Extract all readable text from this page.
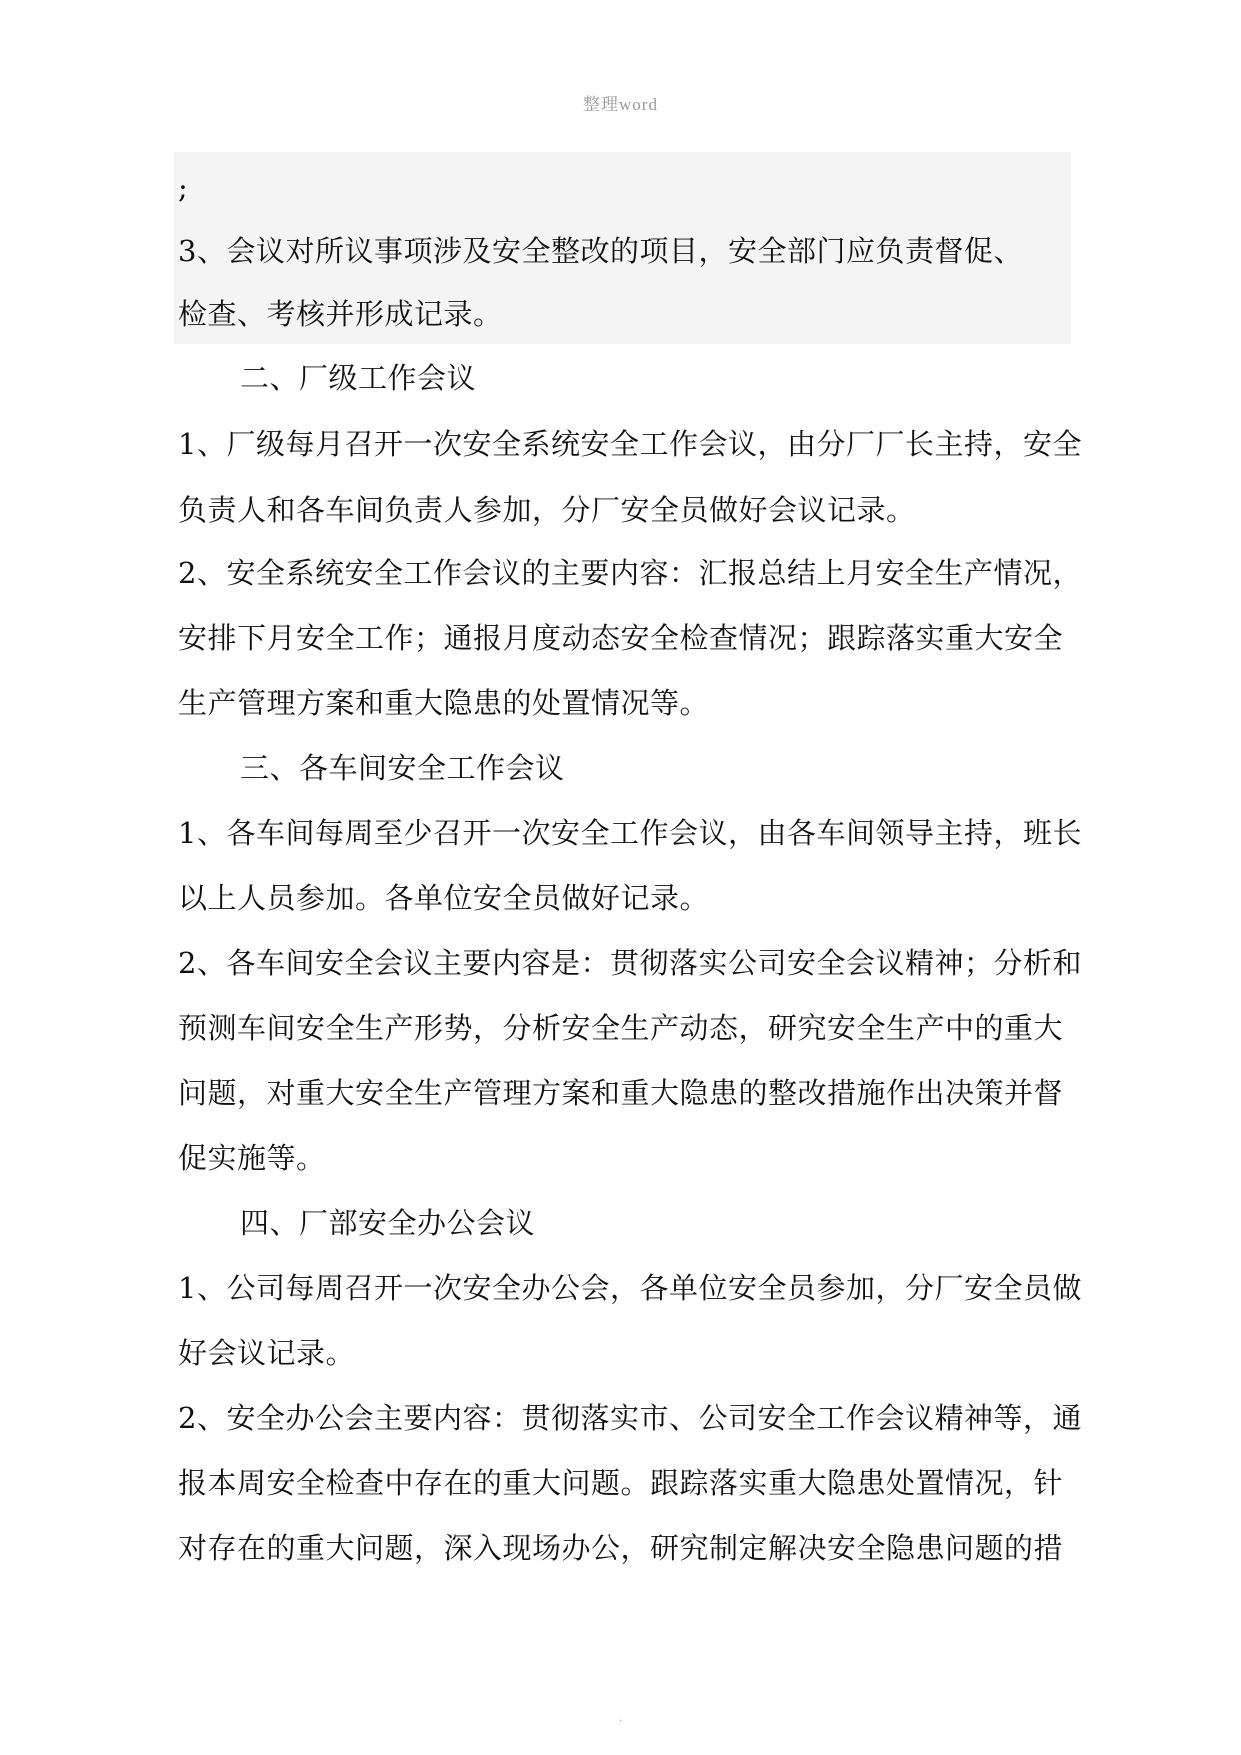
整理word
;
3、会议对所议事项涉及安全整改的项目，安全部门应负责督促、
检查、考核并形成记录。
二、厂级工作会议
1、厂级每月召开一次安全系统安全工作会议，由分厂厂长主持，安全
负责人和各车间负责人参加，分厂安全员做好会议记录。
2、安全系统安全工作会议的主要内容：汇报总结上月安全生产情况，
安排下月安全工作；通报月度动态安全检查情况；跟踪落实重大安全
生产管理方案和重大隐患的处置情况等。
三、各车间安全工作会议
1、各车间每周至少召开一次安全工作会议，由各车间领导主持，班长
以上人员参加。各单位安全员做好记录。
2、各车间安全会议主要内容是：贯彻落实公司安全会议精神；分析和
预测车间安全生产形势，分析安全生产动态，研究安全生产中的重大
问题，对重大安全生产管理方案和重大隐患的整改措施作出决策并督
促实施等。
四、厂部安全办公会议
1、公司每周召开一次安全办公会，各单位安全员参加，分厂安全员做
好会议记录。
2、安全办公会主要内容：贯彻落实市、公司安全工作会议精神等，通
报本周安全检查中存在的重大问题。跟踪落实重大隐患处置情况，针
对存在的重大问题，深入现场办公，研究制定解决安全隐患问题的措
.
